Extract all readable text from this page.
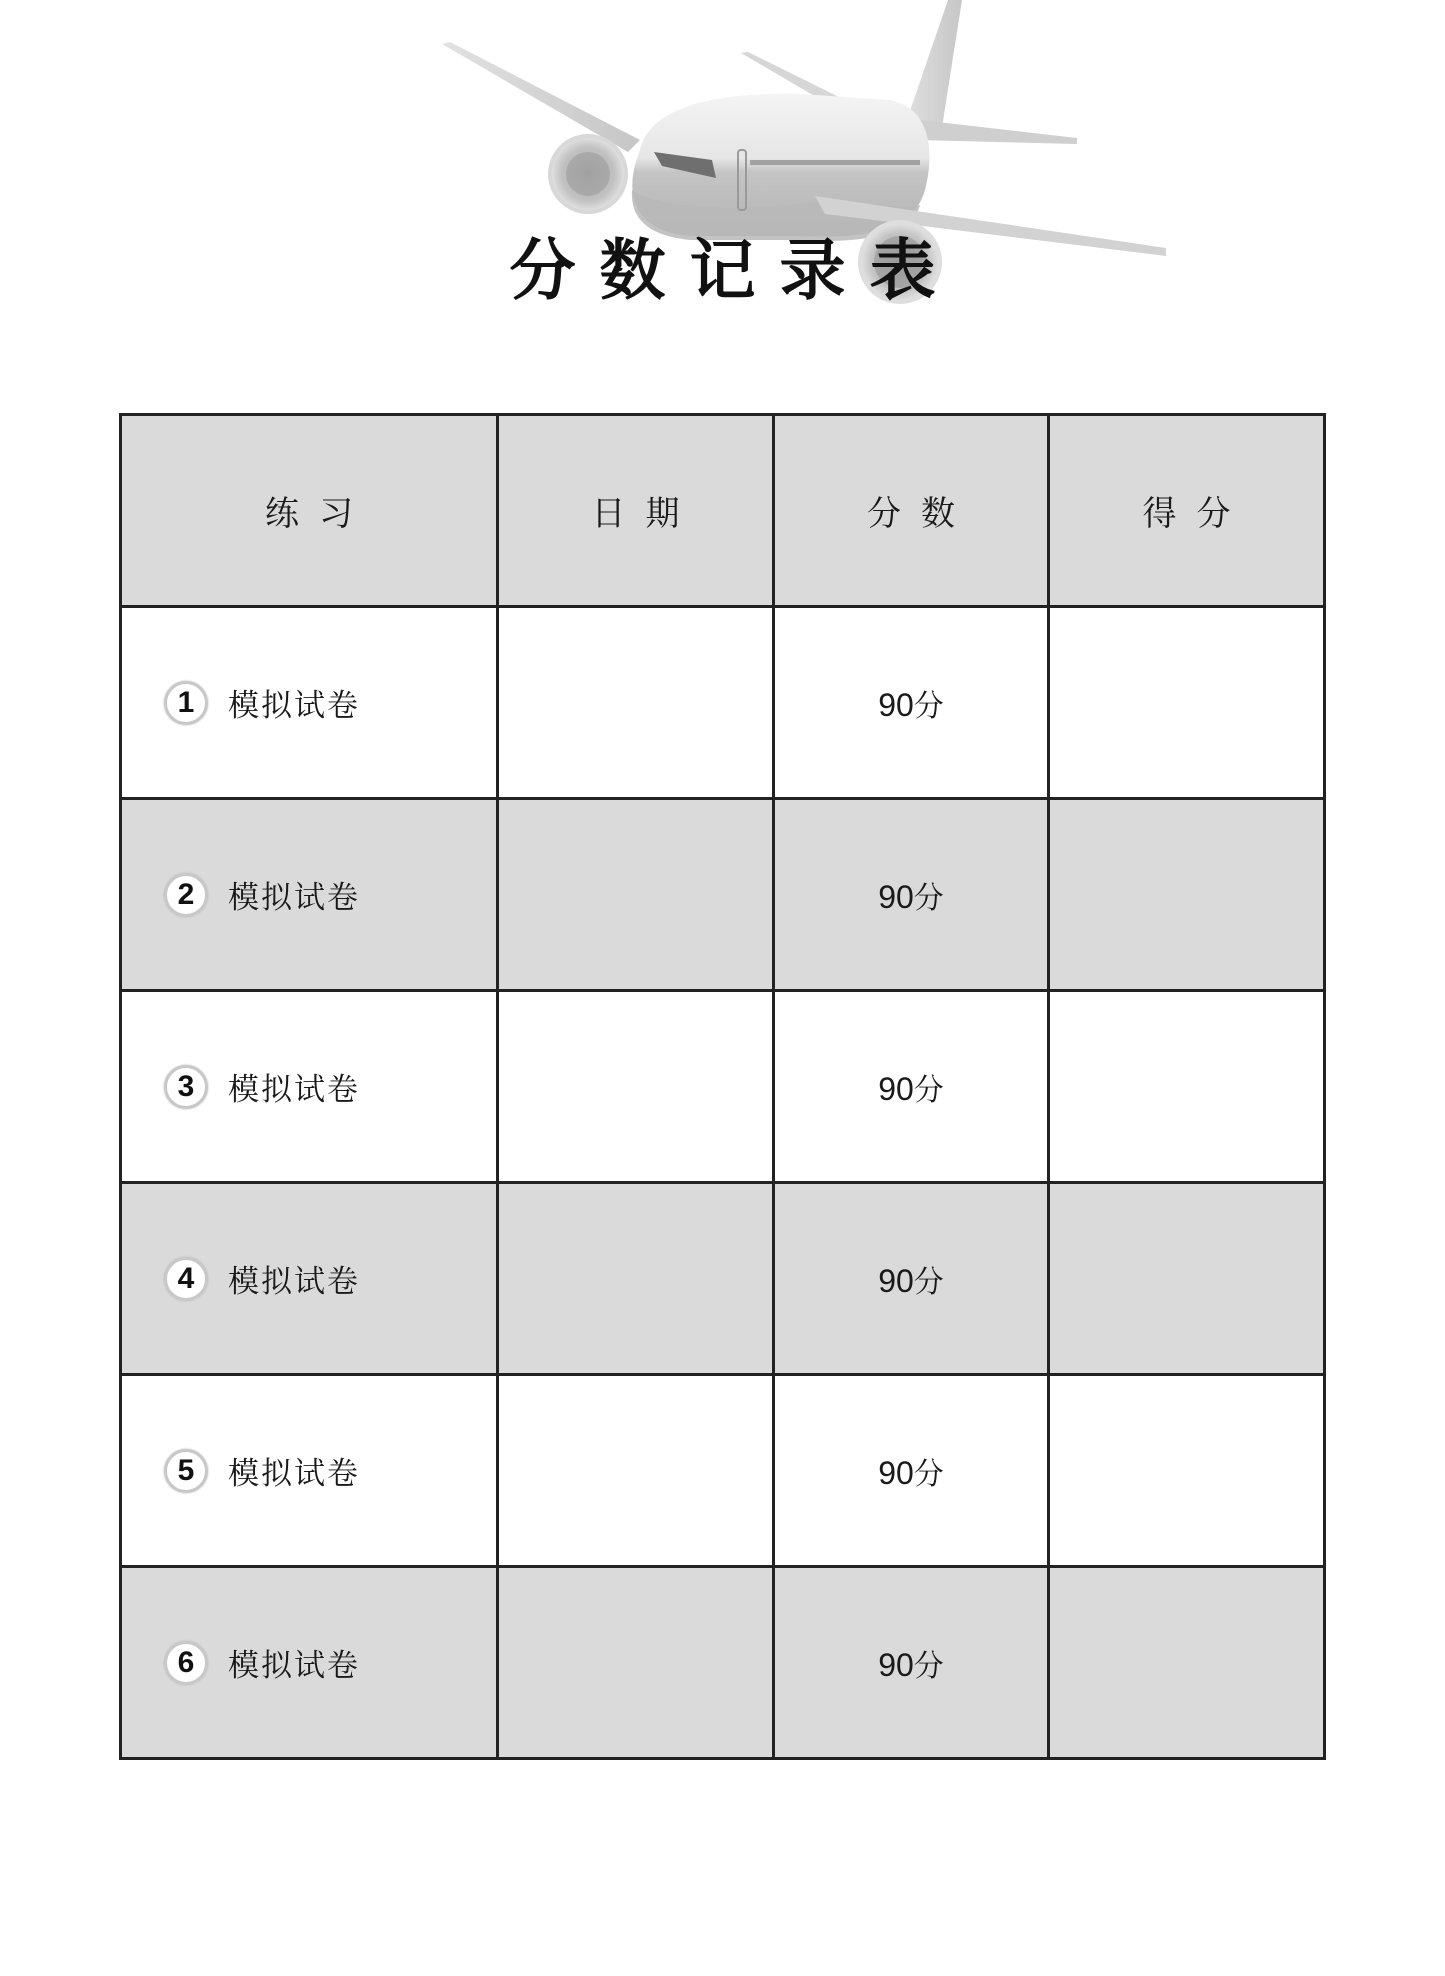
分数记录表
练习	日期	分数	得分

1 模拟试卷		90分	

2 模拟试卷		90分	

3 模拟试卷		90分	

4 模拟试卷		90分	

5 模拟试卷		90分	

6 模拟试卷		90分	
